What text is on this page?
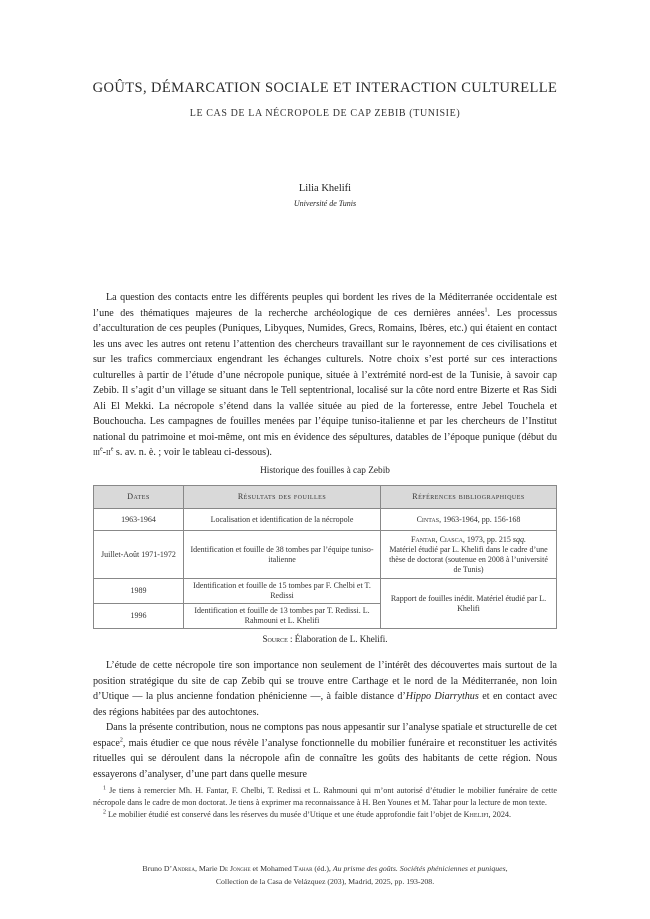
GOÛTS, DÉMARCATION SOCIALE ET INTERACTION CULTURELLE
LE CAS DE LA NÉCROPOLE DE CAP ZEBIB (TUNISIE)
Lilia Khelifi
Université de Tunis

La question des contacts entre les différents peuples qui bordent les rives de la Méditerranée occidentale est l’une des thématiques majeures de la recherche archéologique de ces dernières années$^1$. Les processus d’acculturation de ces peuples (Puniques, Libyques, Numides, Grecs, Romains, Ibères, etc.) qui étaient en contact les uns avec les autres ont retenu l’attention des chercheurs travaillant sur le rayonnement de ces civilisations et sur les trafics commerciaux engendrant les échanges culturels. Notre choix s’est porté sur ces interactions culturelles à partir de l’étude d’une nécropole punique, située à l’extrémité nord-est de la Tunisie, à savoir cap Zebib. Il s’agit d’un village se situant dans le Tell septentrional, localisé sur la côte nord entre Bizerte et Ras Sidi Ali El Mekki. La nécropole s’étend dans la vallée située au pied de la forteresse, entre Jebel Touchela et Bouchoucha. Les campagnes de fouilles menées par l’équipe tuniso-italienne et par les chercheurs de l’Institut national du patrimoine et moi-même, ont mis en évidence des sépultures, datables de l’époque punique (début du $iii^e-ii^e$ s. av. n. è. ; voir le tableau ci-dessous).

Historique des fouilles à cap Zebib
Dates	Résultats des fouilles	Références bibliographiques
1963-1964	Localisation et identification de la nécropole	Cintas, 1963-1964, pp. 156-168
Juillet-Août 1971-1972	Identification et fouille de 38 tombes par l’équipe tuniso-italienne	Fantar, Ciasca, 1973, pp. 215 sqq.
Matériel étudié par L. Khelifi dans le cadre d’une thèse de doctorat (soutenue en 2008 à l’université de Tunis)
1989	Identification et fouille de 15 tombes par F. Chelbi et T. Redissi	Rapport de fouilles inédit. Matériel étudié par L. Khelifi
1996	Identification et fouille de 13 tombes par T. Redissi. L. Rahmouni et L. Khelifi	
Source : Élaboration de L. Khelifi.

L’étude de cette nécropole tire son importance non seulement de l’intérêt des découvertes mais surtout de la position stratégique du site de cap Zebib qui se trouve entre Carthage et le nord de la Méditerranée, non loin d’Utique — la plus ancienne fondation phénicienne —, à faible distance d’Hippo Diarrythus et en contact avec des régions habitées par des autochtones.

Dans la présente contribution, nous ne comptons pas nous appesantir sur l’analyse spatiale et structurelle de cet espace$^2$, mais étudier ce que nous révèle l’analyse fonctionnelle du mobilier funéraire et reconstituer les activités rituelles qui se déroulent dans la nécropole afin de connaître les goûts des habitants de cette région. Nous essayerons d’analyser, d’une part dans quelle mesure

$^1$ Je tiens à remercier Mh. H. Fantar, F. Chelbi, T. Redissi et L. Rahmouni qui m’ont autorisé d’étudier le mobilier funéraire de cette nécropole dans le cadre de mon doctorat. Je tiens à exprimer ma reconnaissance à H. Ben Younes et M. Tahar pour la lecture de mon texte.

$^2$ Le mobilier étudié est conservé dans les réserves du musée d’Utique et une étude approfondie fait l’objet de Khelifi, 2024.

Bruno D’Andrea, Marie De Jonghe et Mohamed Tahar (éd.), Au prisme des goûts. Sociétés phéniciennes et puniques,
Collection de la Casa de Velázquez (203), Madrid, 2025, pp. 193-208.
